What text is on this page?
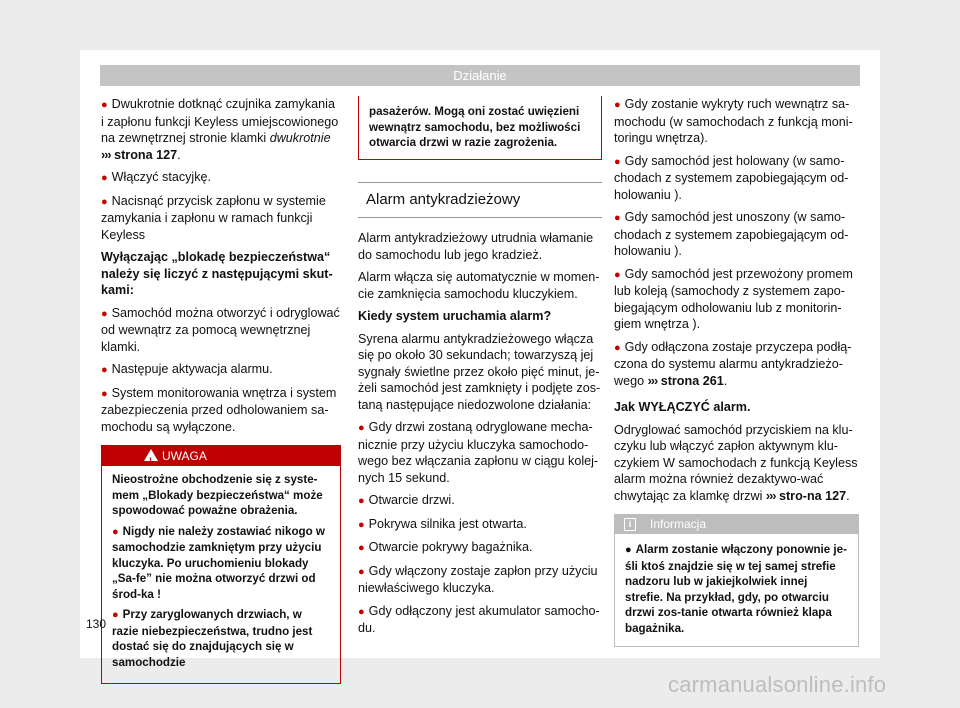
Działanie

● Dwukrotnie dotknąć czujnika zamykania i zapłonu funkcji Keyless umiejscowionego na zewnętrznej stronie klamki dwukrotnie
››› strona 127.

● Włączyć stacyjkę.

● Nacisnąć przycisk zapłonu w systemie zamykania i zapłonu w ramach funkcji Keyless

Wyłączając „blokadę bezpieczeństwa“ należy się liczyć z następującymi skut-kami:

● Samochód można otworzyć i odryglować od wewnątrz za pomocą wewnętrznej klamki.

● Następuje aktywacja alarmu.

● System monitorowania wnętrza i system zabezpieczenia przed odholowaniem sa-mochodu są wyłączone.

!
UWAGA

Nieostrożne obchodzenie się z syste-mem „Blokady bezpieczeństwa“ może spowodować poważne obrażenia.

● Nigdy nie należy zostawiać nikogo w samochodzie zamkniętym przy użyciu kluczyka. Po uruchomieniu blokady „Sa-fe” nie można otworzyć drzwi od środ-ka !

● Przy zaryglowanych drzwiach, w razie niebezpieczeństwa, trudno jest dostać się do znajdujących się w samochodzie

pasażerów. Mogą oni zostać uwięzieni wewnątrz samochodu, bez możliwości otwarcia drzwi w razie zagrożenia.
Alarm antykradzieżowy

Alarm antykradzieżowy utrudnia włamanie do samochodu lub jego kradzież.

Alarm włącza się automatycznie w momen-cie zamknięcia samochodu kluczykiem.

Kiedy system uruchamia alarm?

Syrena alarmu antykradzieżowego włącza się po około 30 sekundach; towarzyszą jej sygnały świetlne przez około pięć minut, je-żeli samochód jest zamknięty i podjęte zos-taną następujące niedozwolone działania:

● Gdy drzwi zostaną odryglowane mecha-nicznie przy użyciu kluczyka samochodo-wego bez włączania zapłonu w ciągu kolej-nych 15 sekund.

● Otwarcie drzwi.

● Pokrywa silnika jest otwarta.

● Otwarcie pokrywy bagażnika.

● Gdy włączony zostaje zapłon przy użyciu niewłaściwego kluczyka.

● Gdy odłączony jest akumulator samocho-du.

● Gdy zostanie wykryty ruch wewnątrz sa-mochodu (w samochodach z funkcją moni-toringu wnętrza).

● Gdy samochód jest holowany (w samo-chodach z systemem zapobiegającym od-holowaniu ).

● Gdy samochód jest unoszony (w samo-chodach z systemem zapobiegającym od-holowaniu ).

● Gdy samochód jest przewożony promem lub koleją (samochody z systemem zapo-biegającym odholowaniu lub z monitorin-giem wnętrza ).

● Gdy odłączona zostaje przyczepa podłą-czona do systemu alarmu antykradzieżo-wego ››› strona 261.

Jak WYŁĄCZYĆ alarm.

Odryglować samochód przyciskiem na klu-czyku lub włączyć zapłon aktywnym klu-czykiem W samochodach z funkcją Keyless alarm można również dezaktywo-wać chwytając za klamkę drzwi ››› stro-na 127.

i	Informacja

● Alarm zostanie włączony ponownie je-śli ktoś znajdzie się w tej samej strefie nadzoru lub w jakiejkolwiek innej strefie. Na przykład, gdy, po otwarciu drzwi zos-tanie otwarta również klapa bagażnika.

130
carmanualsonline.info
